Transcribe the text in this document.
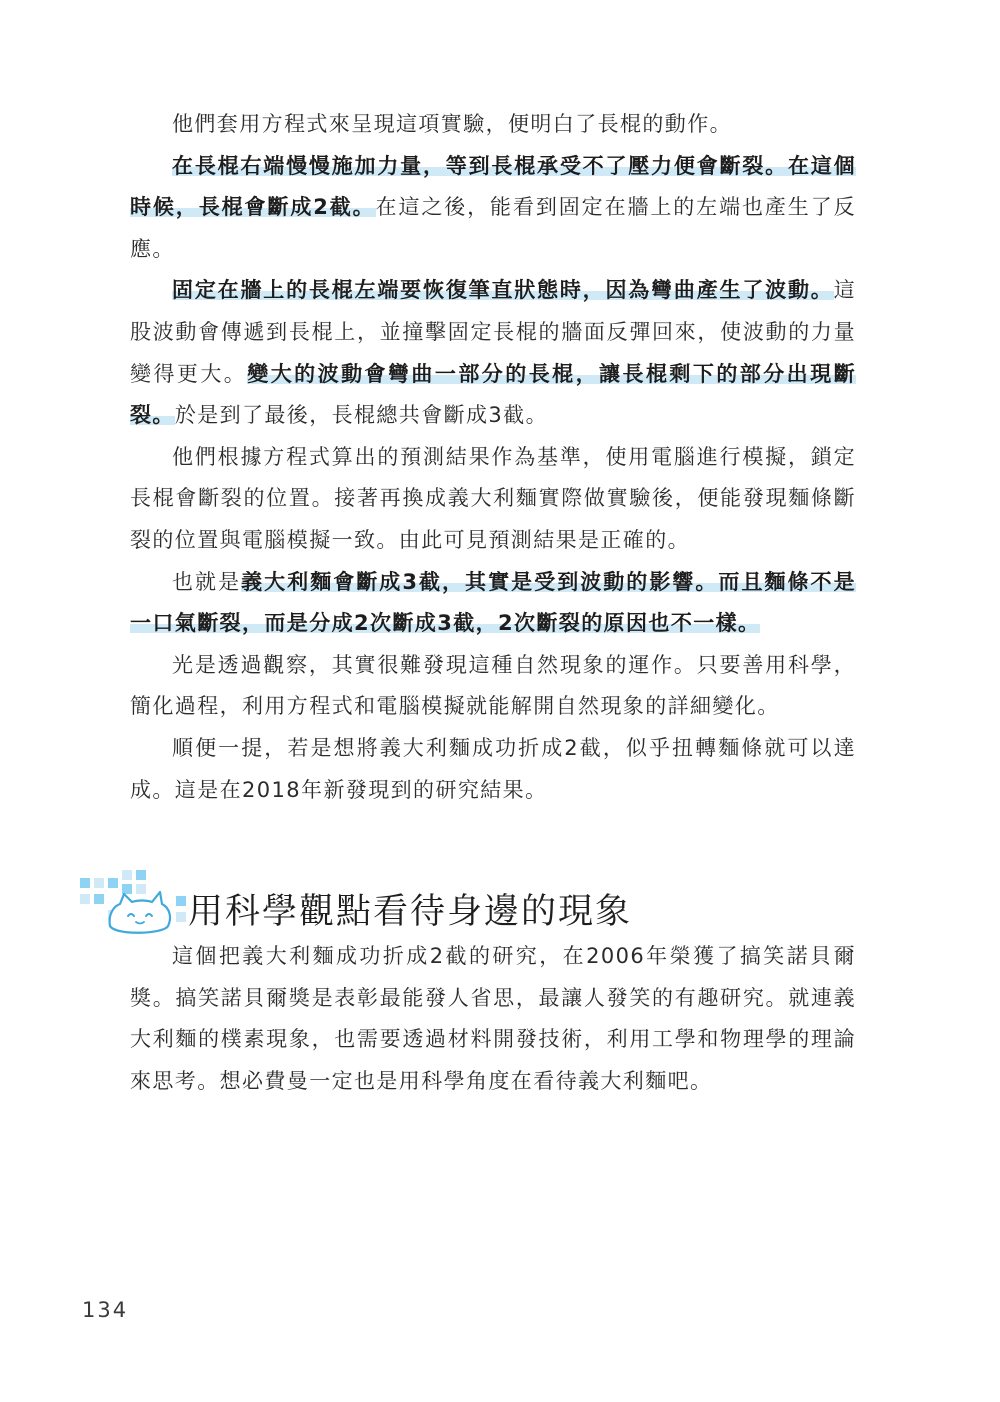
他們套用方程式來呈現這項實驗，便明白了長棍的動作。

在長棍右端慢慢施加力量，等到長棍承受不了壓力便會斷裂。在這個時候，長棍會斷成2截。在這之後，能看到固定在牆上的左端也產生了反應。

固定在牆上的長棍左端要恢復筆直狀態時，因為彎曲產生了波動。這股波動會傳遞到長棍上，並撞擊固定長棍的牆面反彈回來，使波動的力量變得更大。變大的波動會彎曲一部分的長棍，讓長棍剩下的部分出現斷裂。於是到了最後，長棍總共會斷成3截。

他們根據方程式算出的預測結果作為基準，使用電腦進行模擬，鎖定長棍會斷裂的位置。接著再換成義大利麵實際做實驗後，便能發現麵條斷裂的位置與電腦模擬一致。由此可見預測結果是正確的。

也就是義大利麵會斷成3截，其實是受到波動的影響。而且麵條不是一口氣斷裂，而是分成2次斷成3截，2次斷裂的原因也不一樣。

光是透過觀察，其實很難發現這種自然現象的運作。只要善用科學，簡化過程，利用方程式和電腦模擬就能解開自然現象的詳細變化。

順便一提，若是想將義大利麵成功折成2截，似乎扭轉麵條就可以達成。這是在2018年新發現到的研究結果。

用科學觀點看待身邊的現象

這個把義大利麵成功折成2截的研究，在2006年榮獲了搞笑諾貝爾獎。搞笑諾貝爾獎是表彰最能發人省思，最讓人發笑的有趣研究。就連義大利麵的樸素現象，也需要透過材料開發技術，利用工學和物理學的理論來思考。想必費曼一定也是用科學角度在看待義大利麵吧。

134
